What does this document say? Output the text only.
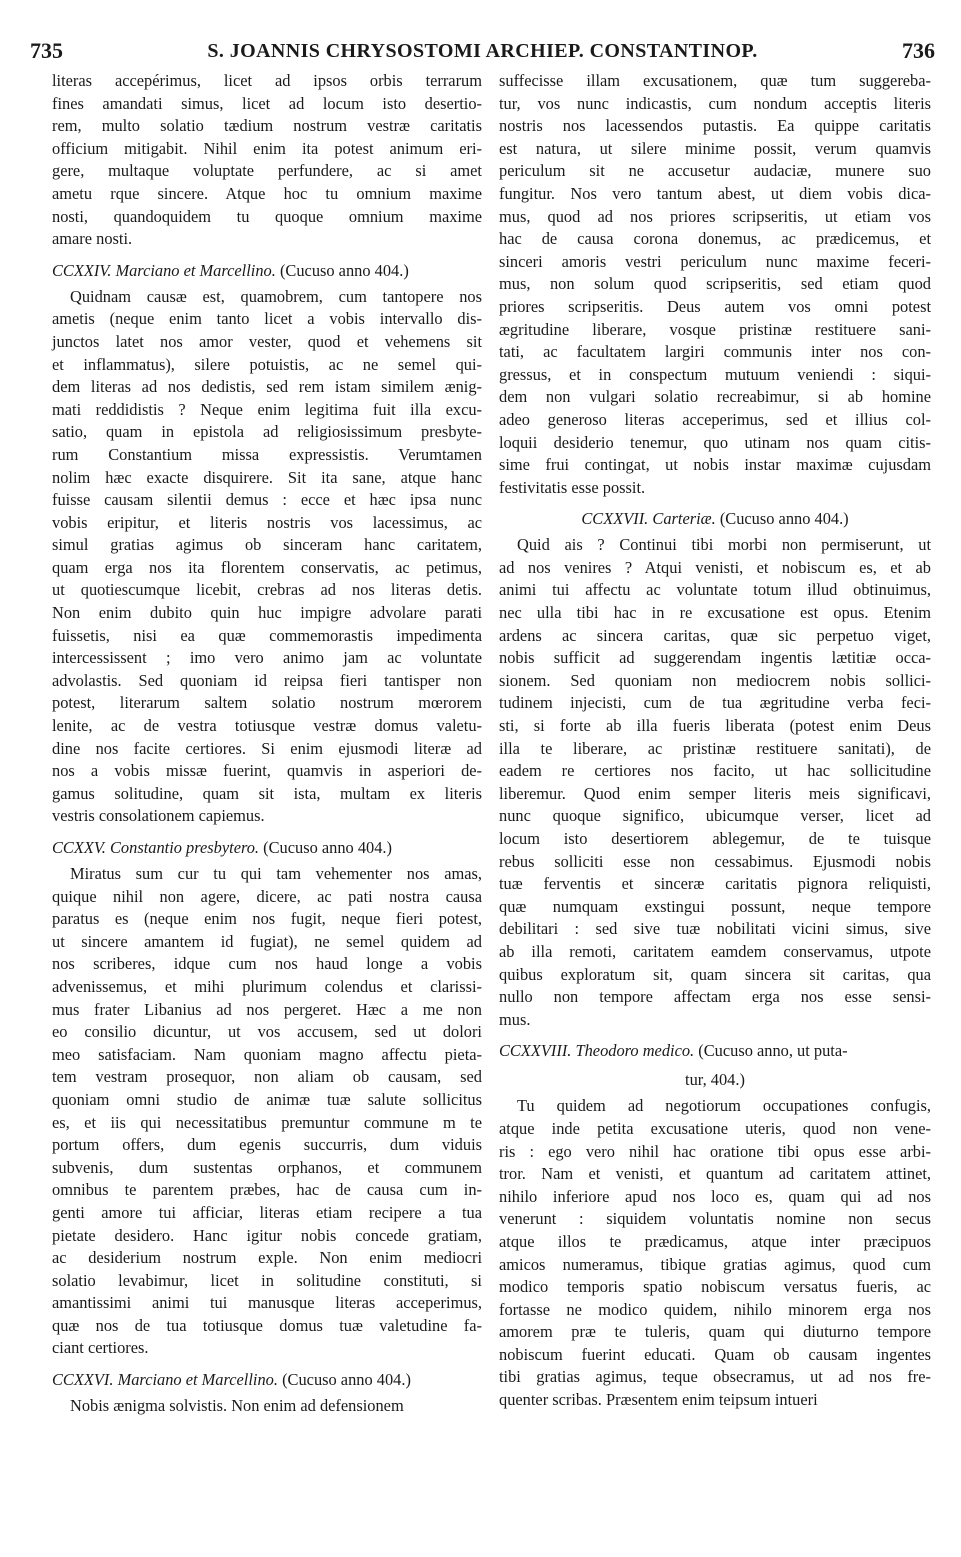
735	S. JOANNIS CHRYSOSTOMI ARCHIEP. CONSTANTINOP.	736
literas accepérimus, licet ad ipsos orbis terrarum
fines amandati simus, licet ad locum isto desertio-
rem, multo solatio tædium nostrum vestræ caritatis
officium mitigabit. Nihil enim ita potest animum eri-
gere, multaque voluptate perfundere, ac si amet
ametu rque sincere. Atque hoc tu omnium maxime
nosti, quandoquidem tu quoque omnium maxime
amare nosti.
CCXXIV. Marciano et Marcellino. (Cucuso anno 404.)
Quidnam causæ est, quamobrem, cum tantopere nos
ametis (neque enim tanto licet a vobis intervallo dis-
junctos latet nos amor vester, quod et vehemens sit
et inflammatus), silere potuistis, ac ne semel qui-
dem literas ad nos dedistis, sed rem istam similem ænig-
mati reddidistis ? Neque enim legitima fuit illa excu-
satio, quam in epistola ad religiosissimum presbyte-
rum Constantium missa expressistis. Verumtamen
nolim hæc exacte disquirere. Sit ita sane, atque hanc
fuisse causam silentii demus : ecce et hæc ipsa nunc
vobis eripitur, et literis nostris vos lacessimus, ac
simul gratias agimus ob sinceram hanc caritatem,
quam erga nos ita florentem conservatis, ac petimus,
ut quotiescumque licebit, crebras ad nos literas detis.
Non enim dubito quin huc impigre advolare parati
fuissetis, nisi ea quæ commemorastis impedimenta
intercessissent ; imo vero animo jam ac voluntate
advolastis. Sed quoniam id reipsa fieri tantisper non
potest, literarum saltem solatio nostrum mœrorem
lenite, ac de vestra totiusque vestræ domus valetu-
dine nos facite certiores. Si enim ejusmodi literæ ad
nos a vobis missæ fuerint, quamvis in asperiori de-
gamus solitudine, quam sit ista, multam ex literis
vestris consolationem capiemus.
CCXXV. Constantio presbytero. (Cucuso anno 404.)
Miratus sum cur tu qui tam vehementer nos amas,
quique nihil non agere, dicere, ac pati nostra causa
paratus es (neque enim nos fugit, neque fieri potest,
ut sincere amantem id fugiat), ne semel quidem ad
nos scriberes, idque cum nos haud longe a vobis
advenissemus, et mihi plurimum colendus et clarissi-
mus frater Libanius ad nos pergeret. Hæc a me non
eo consilio dicuntur, ut vos accusem, sed ut dolori
meo satisfaciam. Nam quoniam magno affectu pieta-
tem vestram prosequor, non aliam ob causam, sed
quoniam omni studio de animæ tuæ salute sollicitus
es, et iis qui necessitatibus premuntur commune m te
portum offers, dum egenis succurris, dum viduis
subvenis, dum sustentas orphanos, et communem
omnibus te parentem præbes, hac de causa cum in-
genti amore tui afficiar, literas etiam recipere a tua
pietate desidero. Hanc igitur nobis concede gratiam,
ac desiderium nostrum exple. Non enim mediocri
solatio levabimur, licet in solitudine constituti, si
amantissimi animi tui manusque literas acceperimus,
quæ nos de tua totiusque domus tuæ valetudine fa-
ciant certiores.
CCXXVI. Marciano et Marcellino. (Cucuso anno 404.)
Nobis ænigma solvistis. Non enim ad defensionem
suffecisse illam excusationem, quæ tum suggereba-
tur, vos nunc indicastis, cum nondum acceptis literis
nostris nos lacessendos putastis. Ea quippe caritatis
est natura, ut silere minime possit, verum quamvis
periculum sit ne accusetur audaciæ, munere suo
fungitur. Nos vero tantum abest, ut diem vobis dica-
mus, quod ad nos priores scripseritis, ut etiam vos
hac de causa corona donemus, ac prædicemus, et
sinceri amoris vestri periculum nunc maxime feceri-
mus, non solum quod scripseritis, sed etiam quod
priores scripseritis. Deus autem vos omni potest
ægritudine liberare, vosque pristinæ restituere sani-
tati, ac facultatem largiri communis inter nos con-
gressus, et in conspectum mutuum veniendi : siqui-
dem non vulgari solatio recreabimur, si ab homine
adeo generoso literas acceperimus, sed et illius col-
loquii desiderio tenemur, quo utinam nos quam citis-
sime frui contingat, ut nobis instar maximæ cujusdam
festivitatis esse possit.
CCXXVII. Carteriæ. (Cucuso anno 404.)
Quid ais ? Continui tibi morbi non permiserunt, ut
ad nos venires ? Atqui venisti, et nobiscum es, et ab
animi tui affectu ac voluntate totum illud obtinuimus,
nec ulla tibi hac in re excusatione est opus. Etenim
ardens ac sincera caritas, quæ sic perpetuo viget,
nobis sufficit ad suggerendam ingentis lætitiæ occa-
sionem. Sed quoniam non mediocrem nobis sollici-
tudinem injecisti, cum de tua ægritudine verba feci-
sti, si forte ab illa fueris liberata (potest enim Deus
illa te liberare, ac pristinæ restituere sanitati), de
eadem re certiores nos facito, ut hac sollicitudine
liberemur. Quod enim semper literis meis significavi,
nunc quoque significo, ubicumque verser, licet ad
locum isto desertiorem ablegemur, de te tuisque
rebus solliciti esse non cessabimus. Ejusmodi nobis
tuæ ferventis et sinceræ caritatis pignora reliquisti,
quæ numquam exstingui possunt, neque tempore
debilitari : sed sive tuæ nobilitati vicini simus, sive
ab illa remoti, caritatem eamdem conservamus, utpote
quibus exploratum sit, quam sincera sit caritas, qua
nullo non tempore affectam erga nos esse sensi-
mus.
CCXXVIII. Theodoro medico. (Cucuso anno, ut puta-
tur, 404.)
Tu quidem ad negotiorum occupationes confugis,
atque inde petita excusatione uteris, quod non vene-
ris : ego vero nihil hac oratione tibi opus esse arbi-
tror. Nam et venisti, et quantum ad caritatem attinet,
nihilo inferiore apud nos loco es, quam qui ad nos
venerunt : siquidem voluntatis nomine non secus
atque illos te prædicamus, atque inter præcipuos
amicos numeramus, tibique gratias agimus, quod cum
modico temporis spatio nobiscum versatus fueris, ac
fortasse ne modico quidem, nihilo minorem erga nos
amorem præ te tuleris, quam qui diuturno tempore
nobiscum fuerint educati. Quam ob causam ingentes
tibi gratias agimus, teque obsecramus, ut ad nos fre-
quenter scribas. Præsentem enim teipsum intueri
